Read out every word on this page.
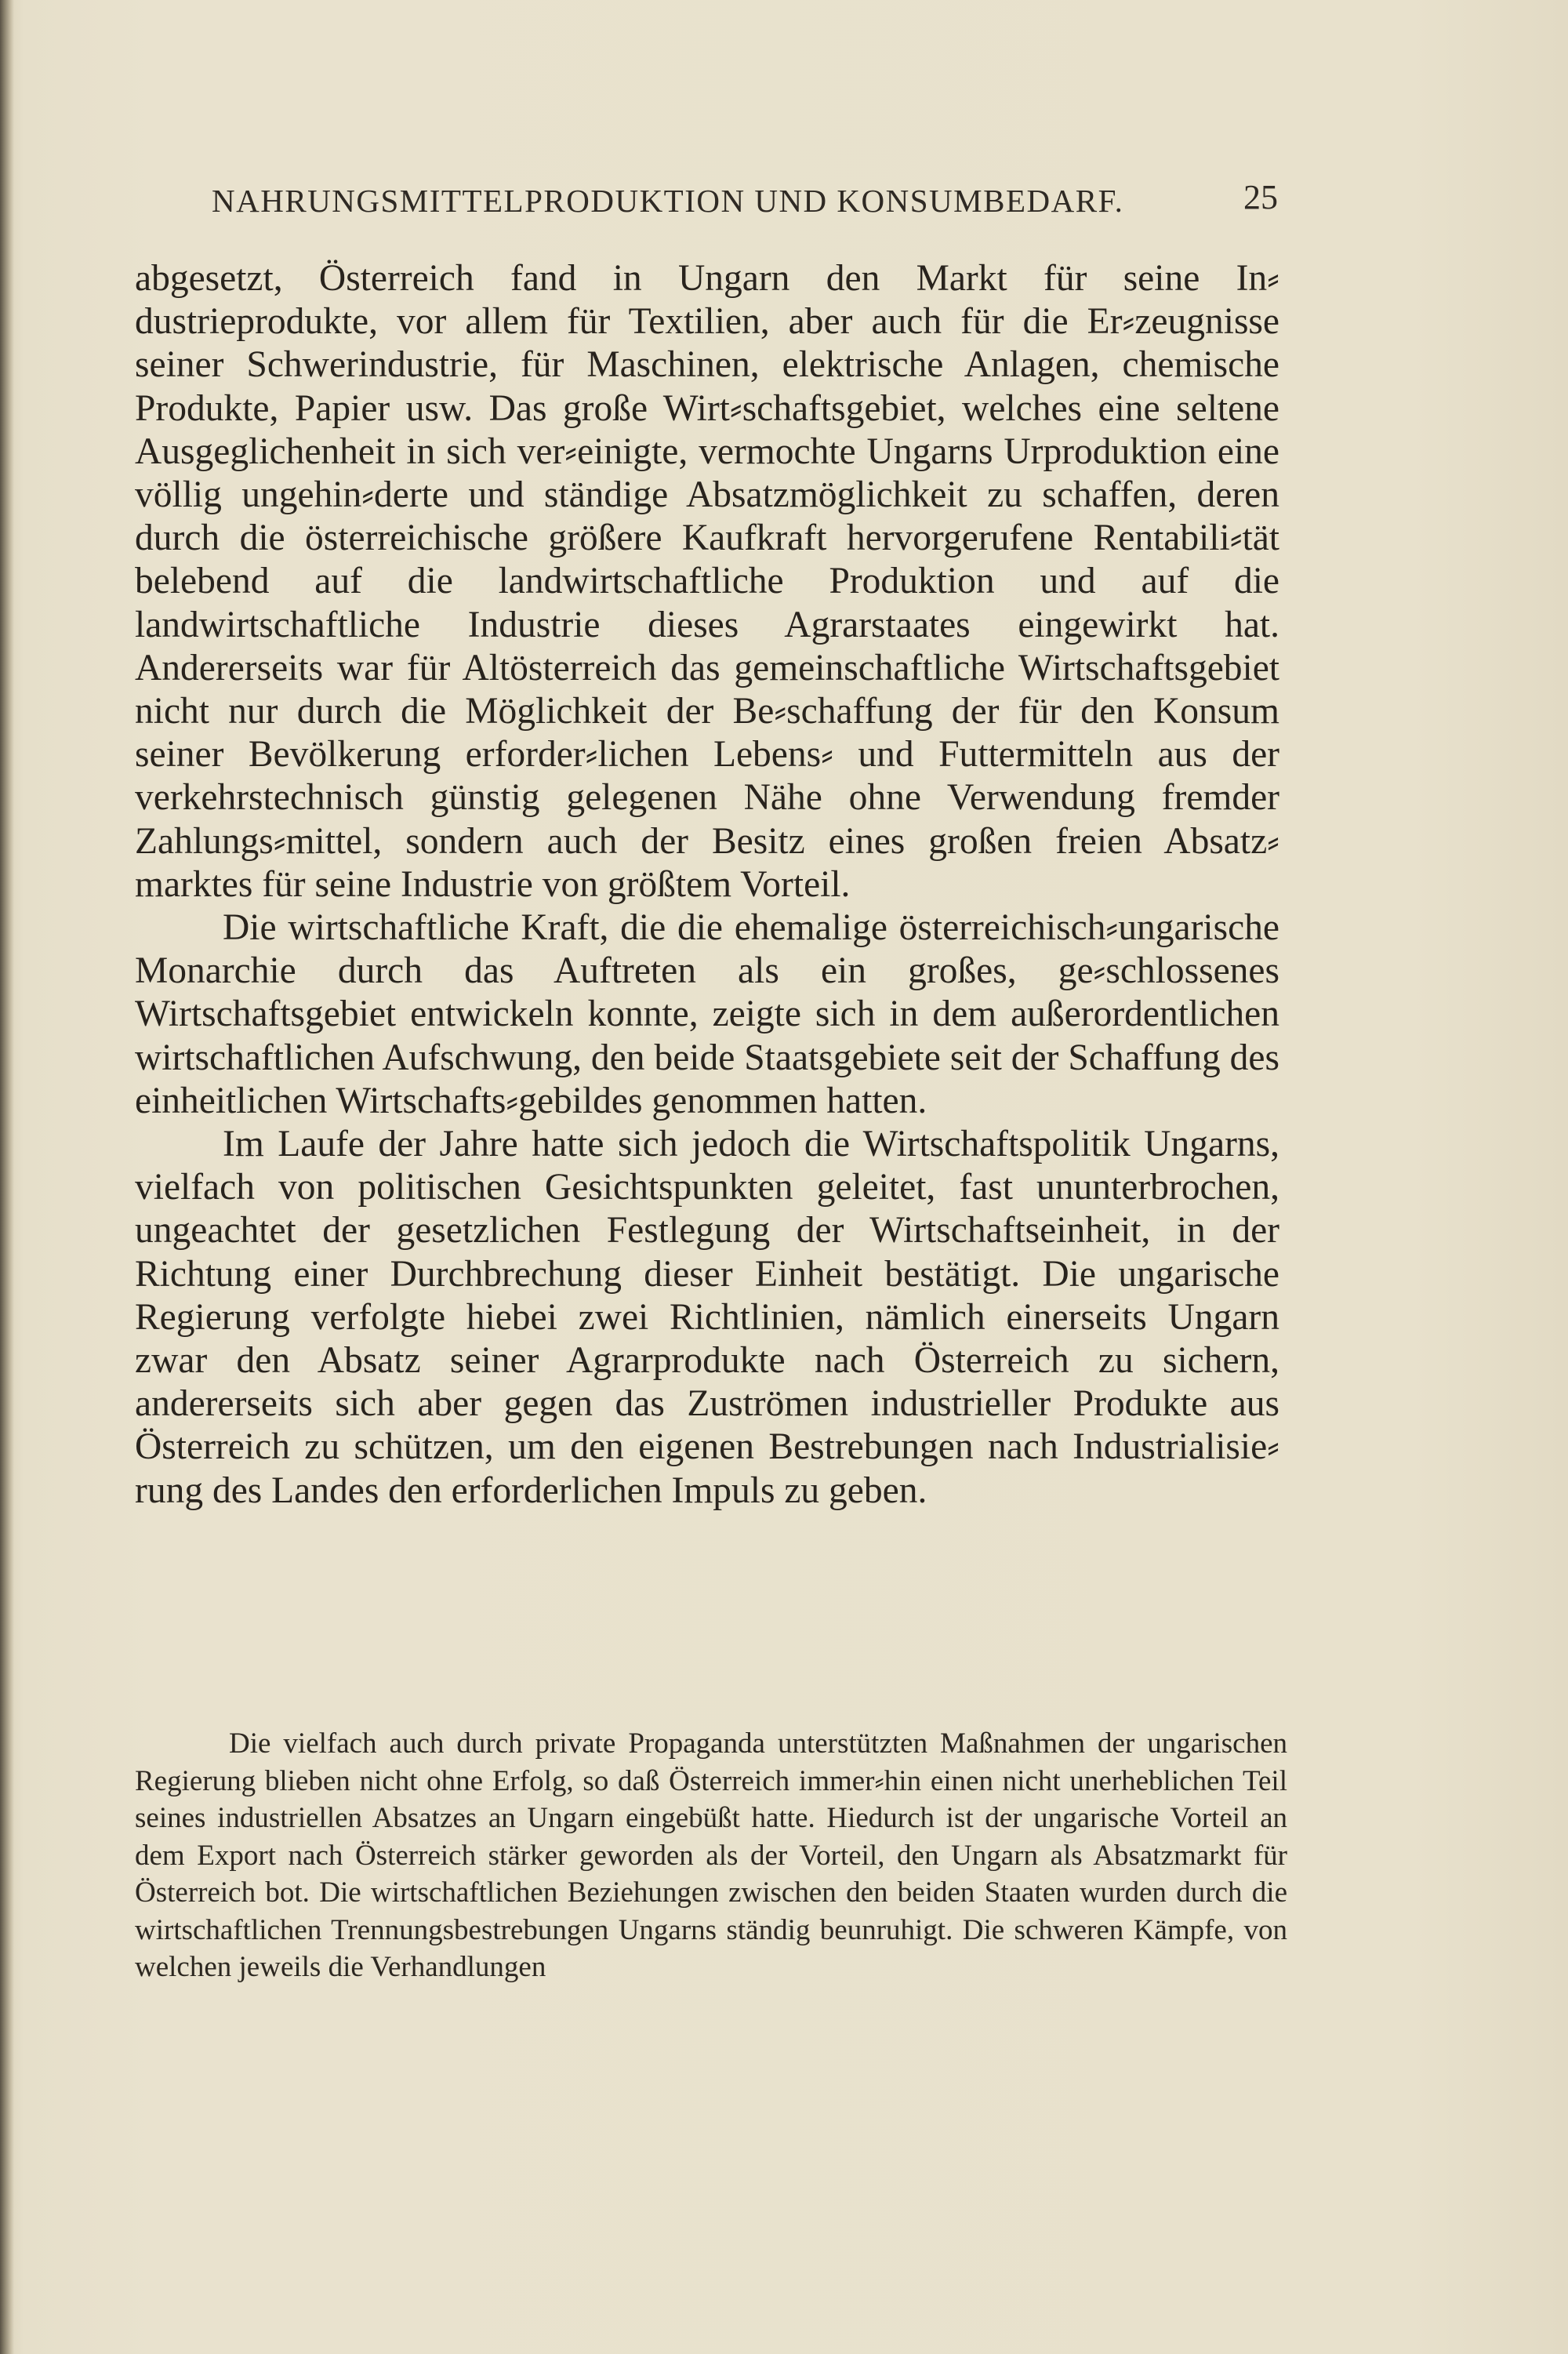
NAHRUNGSMITTELPRODUKTION UND KONSUMBEDARF.	25

abgesetzt, Österreich fand in Ungarn den Markt für seine In⸗dustrieprodukte, vor allem für Textilien, aber auch für die Er⸗zeugnisse seiner Schwerindustrie, für Maschinen, elektrische Anlagen, chemische Produkte, Papier usw. Das große Wirt⸗schaftsgebiet, welches eine seltene Ausgeglichenheit in sich ver⸗einigte, vermochte Ungarns Urproduktion eine völlig ungehin⸗derte und ständige Absatzmöglichkeit zu schaffen, deren durch die österreichische größere Kaufkraft hervorgerufene Rentabili⸗tät belebend auf die landwirtschaftliche Produktion und auf die landwirtschaftliche Industrie dieses Agrarstaates eingewirkt hat. Andererseits war für Altösterreich das gemeinschaftliche Wirtschaftsgebiet nicht nur durch die Möglichkeit der Be⸗schaffung der für den Konsum seiner Bevölkerung erforder⸗lichen Lebens⸗ und Futtermitteln aus der verkehrstechnisch günstig gelegenen Nähe ohne Verwendung fremder Zahlungs⸗mittel, sondern auch der Besitz eines großen freien Absatz⸗marktes für seine Industrie von größtem Vorteil.

Die wirtschaftliche Kraft, die die ehemalige österreichisch⸗ungarische Monarchie durch das Auftreten als ein großes, ge⸗schlossenes Wirtschaftsgebiet entwickeln konnte, zeigte sich in dem außerordentlichen wirtschaftlichen Aufschwung, den beide Staatsgebiete seit der Schaffung des einheitlichen Wirtschafts⸗gebildes genommen hatten.

Im Laufe der Jahre hatte sich jedoch die Wirtschaftspolitik Ungarns, vielfach von politischen Gesichtspunkten geleitet, fast ununterbrochen, ungeachtet der gesetzlichen Festlegung der Wirtschaftseinheit, in der Richtung einer Durchbrechung dieser Einheit bestätigt. Die ungarische Regierung verfolgte hiebei zwei Richtlinien, nämlich einerseits Ungarn zwar den Absatz seiner Agrarprodukte nach Österreich zu sichern, andererseits sich aber gegen das Zuströmen industrieller Produkte aus Österreich zu schützen, um den eigenen Bestrebungen nach Industrialisie⸗rung des Landes den erforderlichen Impuls zu geben.

Die vielfach auch durch private Propaganda unterstützten Maßnahmen der ungarischen Regierung blieben nicht ohne Erfolg, so daß Österreich immer⸗hin einen nicht unerheblichen Teil seines industriellen Absatzes an Ungarn eingebüßt hatte. Hiedurch ist der ungarische Vorteil an dem Export nach Österreich stärker geworden als der Vorteil, den Ungarn als Absatzmarkt für Österreich bot. Die wirtschaftlichen Beziehungen zwischen den beiden Staaten wurden durch die wirtschaftlichen Trennungsbestrebungen Ungarns ständig beunruhigt. Die schweren Kämpfe, von welchen jeweils die Verhandlungen
